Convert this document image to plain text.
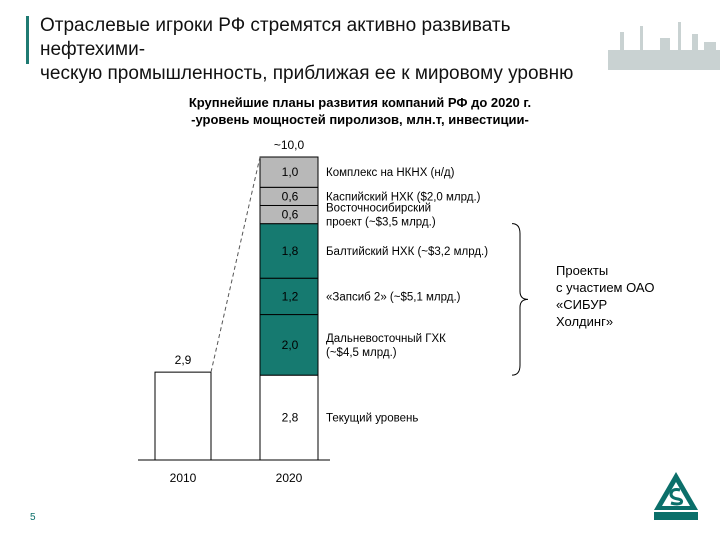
Отраслевые игроки РФ стремятся активно развивать нефтехими-
ческую промышленность, приближая ее к мировому уровню
Крупнейшие планы развития компаний РФ до 2020 г.
-уровень мощностей пиролизов, млн.т, инвестиции-
2,9
2,8 Текущий уровень
2,0 Дальневосточный ГХК
(~$4,5 млрд.)
1,2 «Запсиб 2» (~$5,1 млрд.)
1,8 Балтийский НХК (~$3,2 млрд.)
0,6 Восточносибирский
проект (~$3,5 млрд.)
0,6 Каспийский НХК ($2,0 млрд.)
1,0 Комплекс на НКНХ (н/д)
~10,0
2010	2020
Проекты
с участием ОАО
«СИБУР
Холдинг»
5
СИБУР
